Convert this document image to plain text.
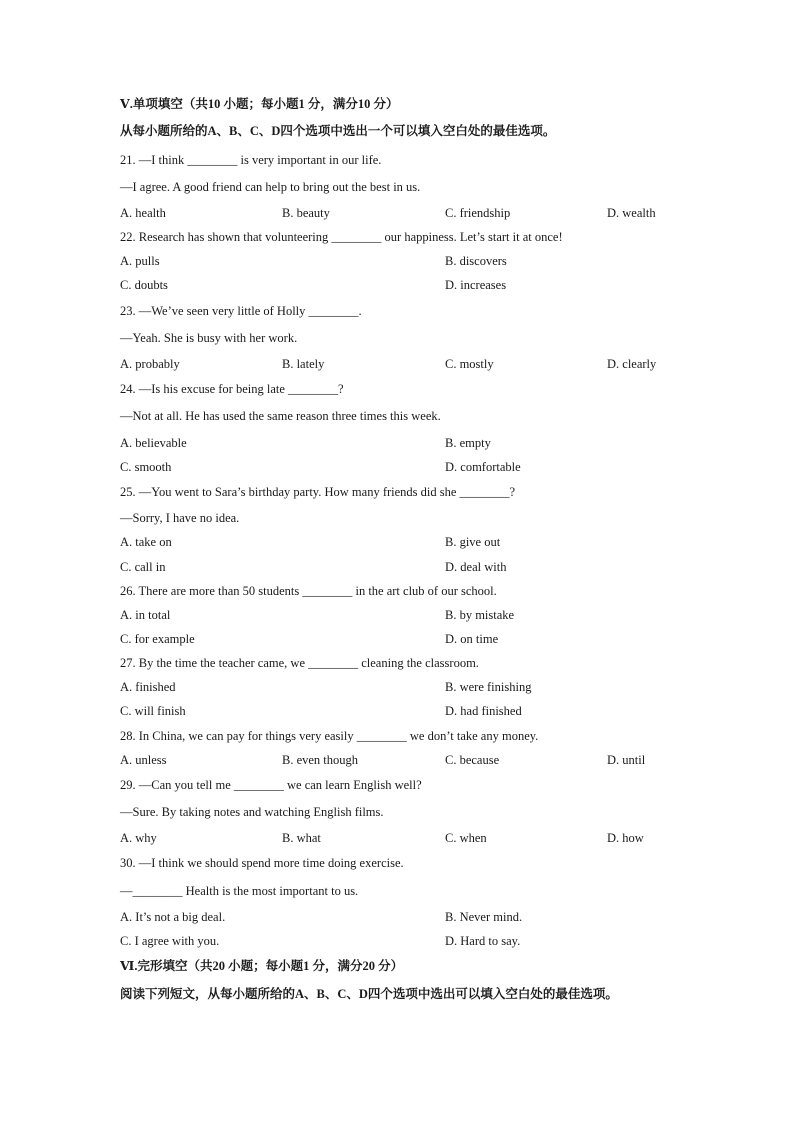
Ⅴ.单项填空（共10 小题；每小题1 分，满分10 分）
从每小题所给的A、B、C、D四个选项中选出一个可以填入空白处的最佳选项。
21. —I think ________ is very important in our life.
—I agree. A good friend can help to bring out the best in us.
A. health	B. beauty	C. friendship	D. wealth
22. Research has shown that volunteering ________ our happiness. Let’s start it at once!
A. pulls	B. discovers
C. doubts	D. increases
23. —We’ve seen very little of Holly ________.
—Yeah. She is busy with her work.
A. probably	B. lately	C. mostly	D. clearly
24. —Is his excuse for being late ________?
—Not at all. He has used the same reason three times this week.
A. believable	B. empty
C. smooth	D. comfortable
25. —You went to Sara’s birthday party. How many friends did she ________?
—Sorry, I have no idea.
A. take on	B. give out
C. call in	D. deal with
26. There are more than 50 students ________ in the art club of our school.
A. in total	B. by mistake
C. for example	D. on time
27. By the time the teacher came, we ________ cleaning the classroom.
A. finished	B. were finishing
C. will finish	D. had finished
28. In China, we can pay for things very easily ________ we don’t take any money.
A. unless	B. even though	C. because	D. until
29. —Can you tell me ________ we can learn English well?
—Sure. By taking notes and watching English films.
A. why	B. what	C. when	D. how
30. —I think we should spend more time doing exercise.
—________ Health is the most important to us.
A. It’s not a big deal.	B. Never mind.
C. I agree with you.	D. Hard to say.
Ⅵ.完形填空（共20 小题；每小题1 分，满分20 分）
阅读下列短文，从每小题所给的A、B、C、D四个选项中选出可以填入空白处的最佳选项。
